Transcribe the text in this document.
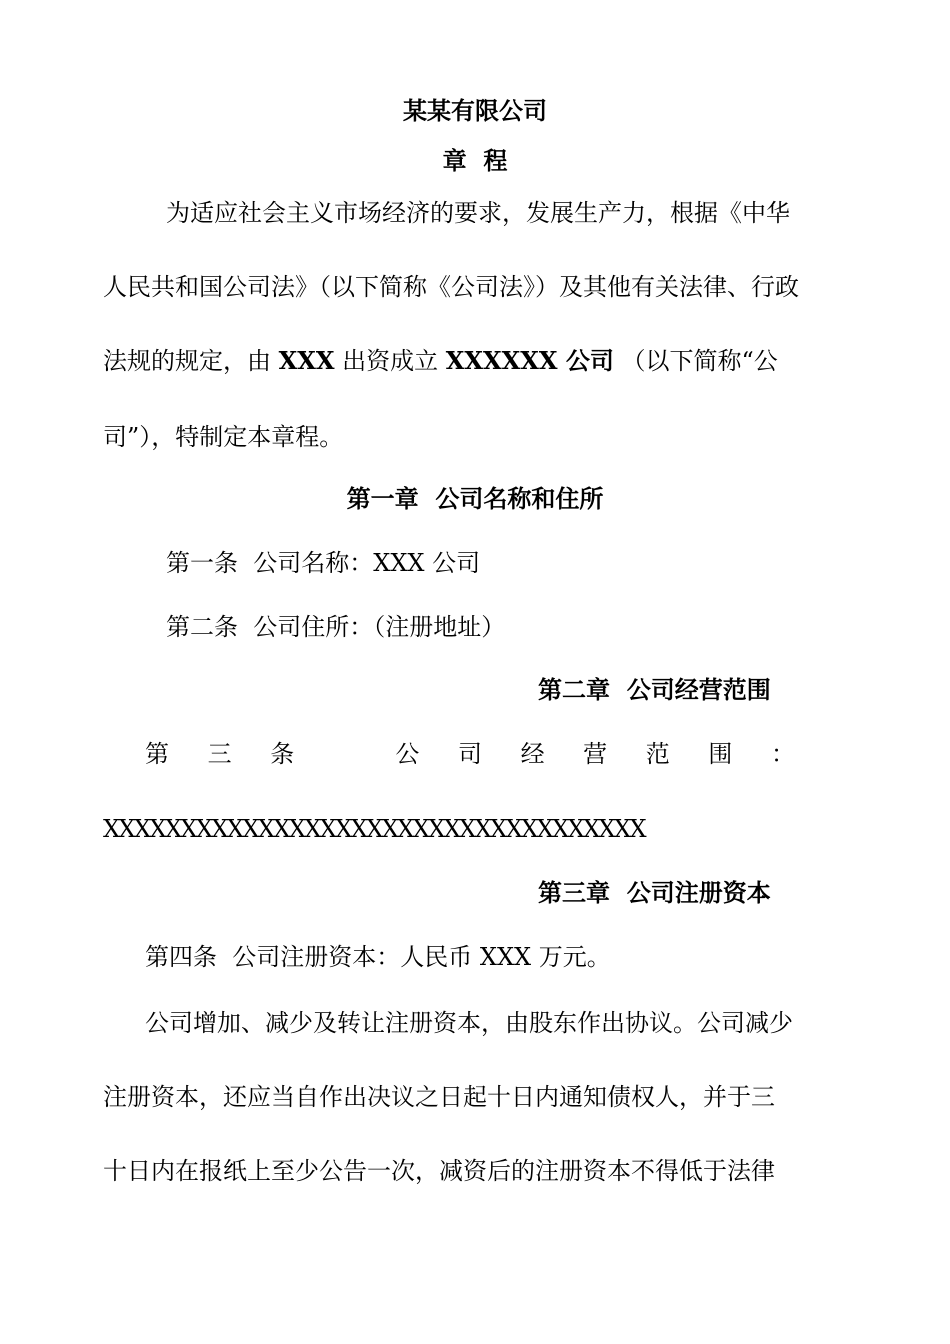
某某有限公司
章  程
为适应社会主义市场经济的要求，发展生产力，根据《中华
人民共和国公司法》（以下简称《公司法》）及其他有关法律、行政
法规的规定，由 XXX 出资成立 XXXXXX 公司 （以下简称“公
司”），特制定本章程。
第一章  公司名称和住所
第一条  公司名称：XXX 公司
第二条  公司住所：（注册地址）
第二章  公司经营范围
第 三 条	公 司 经 营 范 围 ：
XXXXXXXXXXXXXXXXXXXXXXXXXXXXXXXXXXX
第三章  公司注册资本
第四条  公司注册资本：人民币 XXX 万元。
公司增加、减少及转让注册资本，由股东作出协议。公司减少
注册资本，还应当自作出决议之日起十日内通知债权人，并于三
十日内在报纸上至少公告一次，减资后的注册资本不得低于法律
